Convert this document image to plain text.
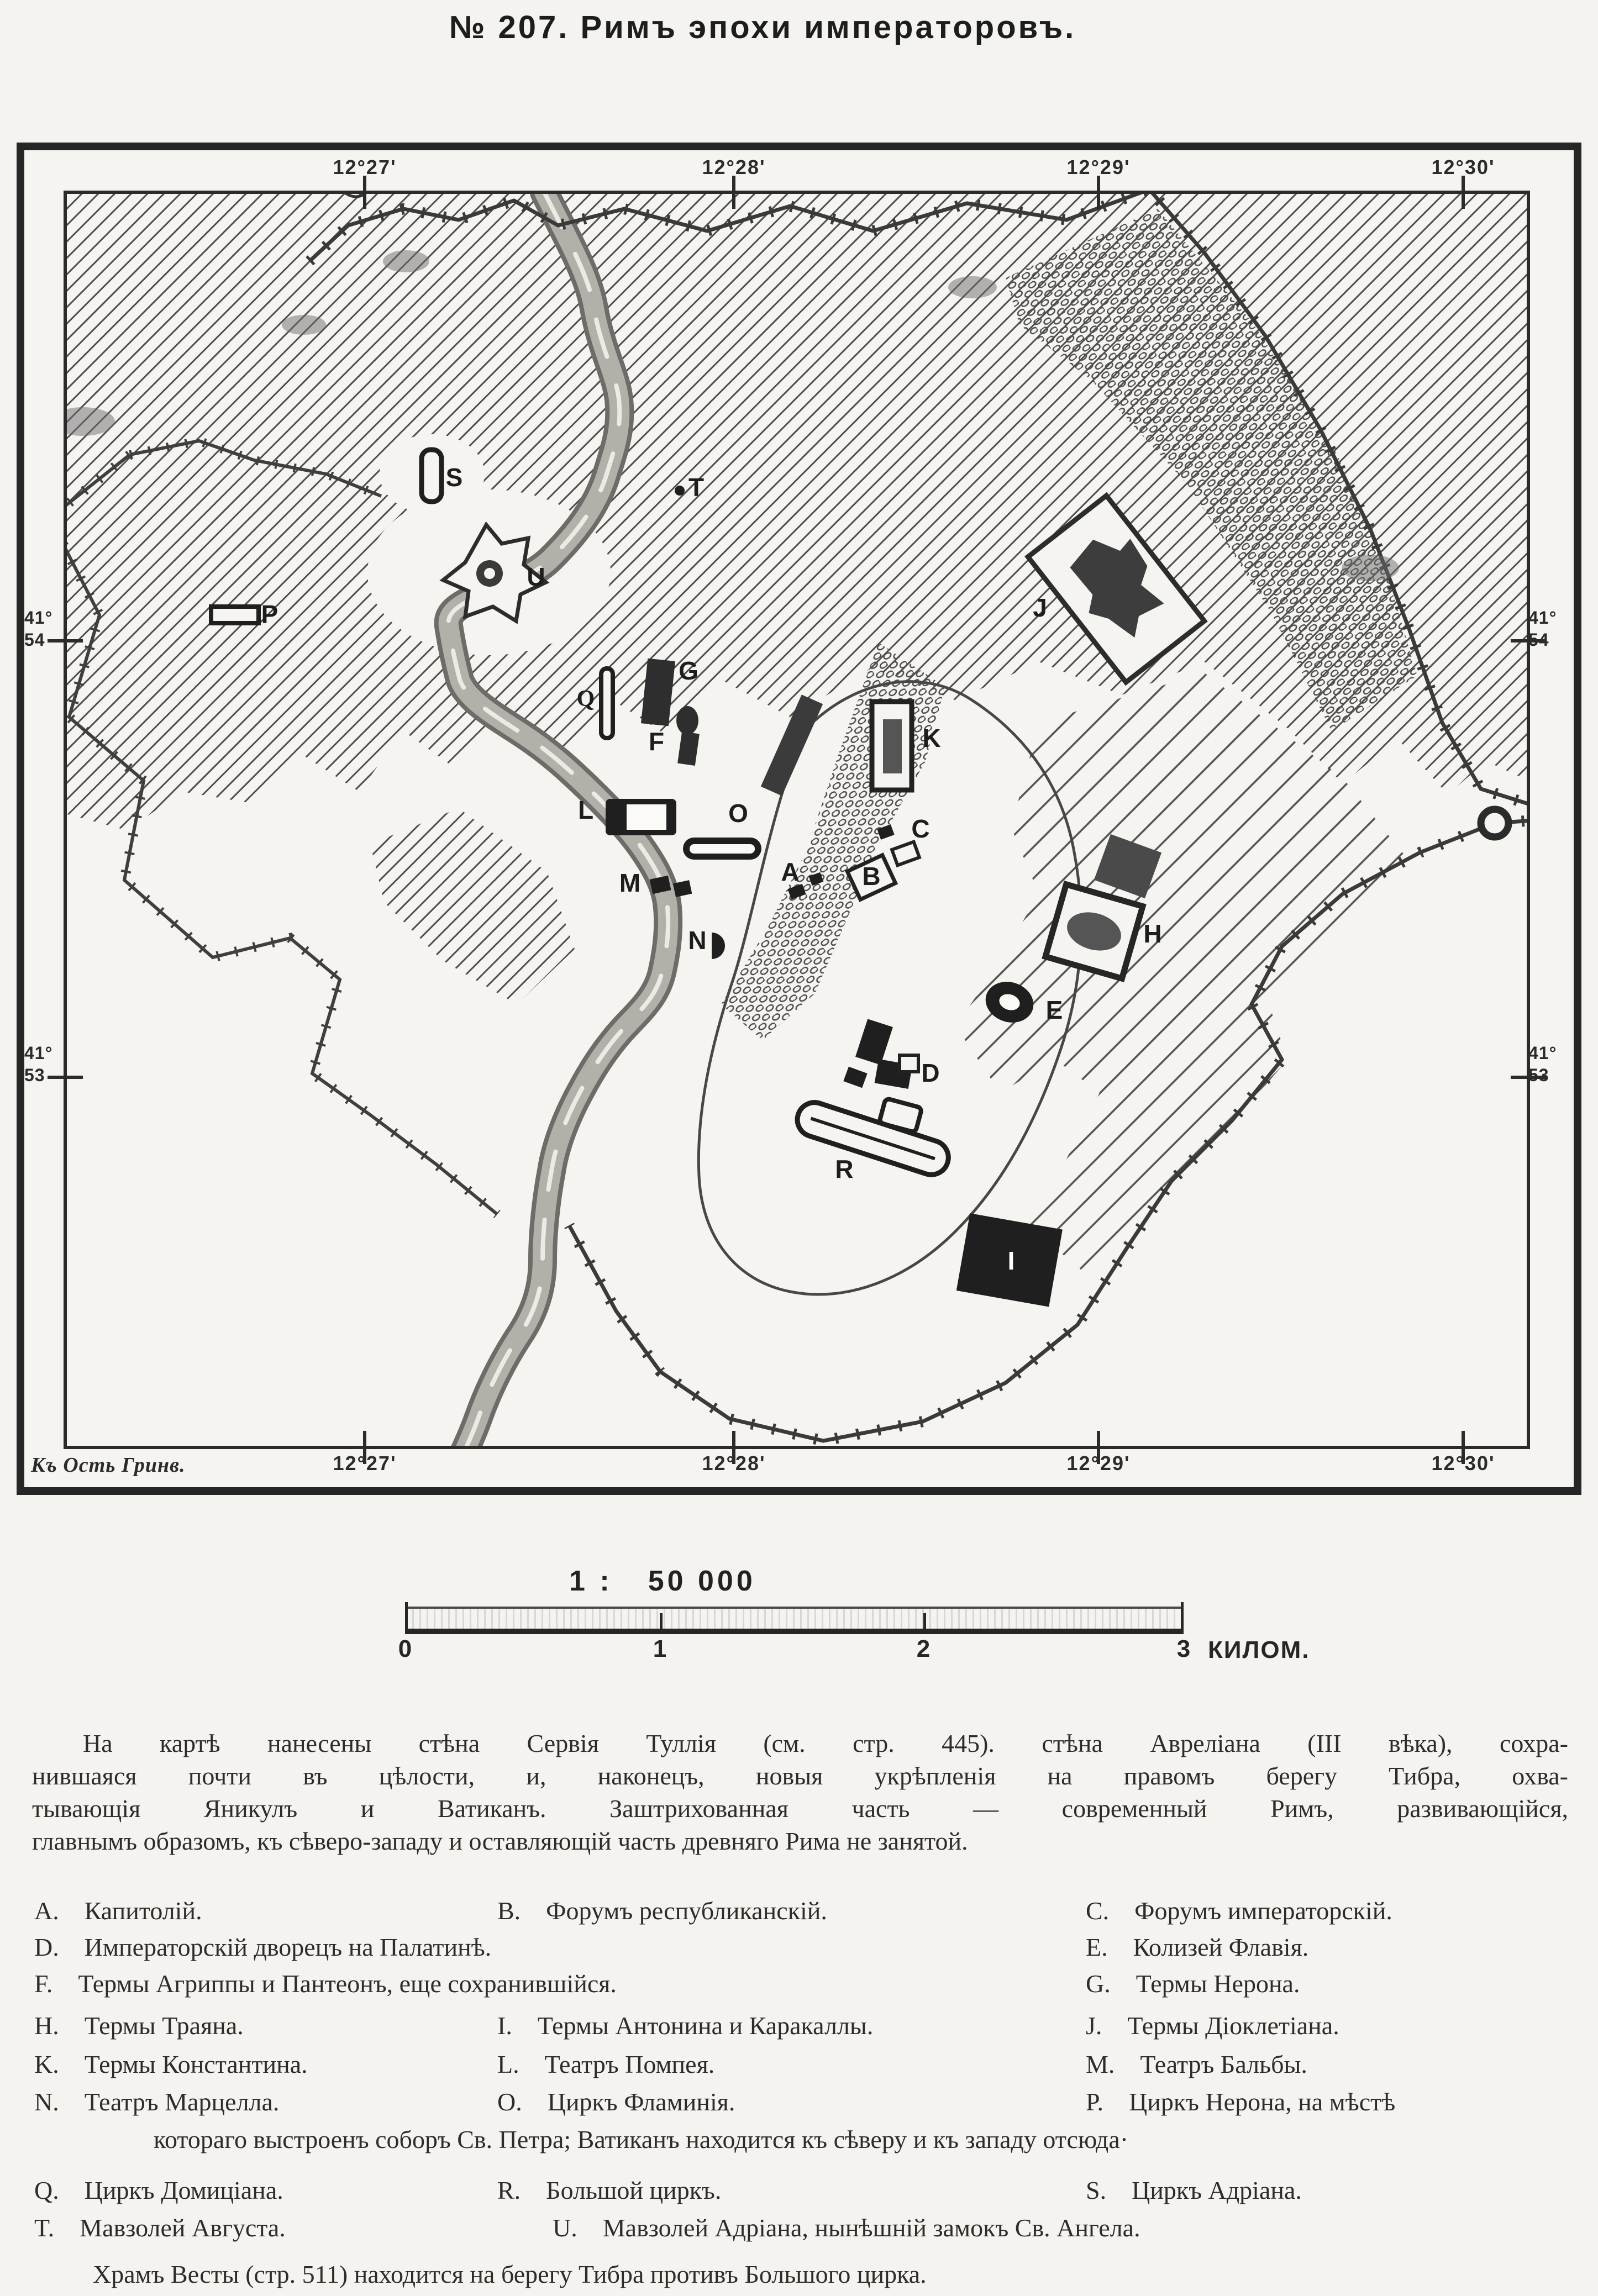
№ 207. Римъ эпохи императоровъ.
S	T
U
P
Q
G
F	K
L	O
M
N
A B
C
D
E
H
J
R
I
12°27'
12°27'
12°28'
12°28'
12°29'
12°29'
12°30'
12°30'
41°
54
41°
54
41°
53
41°
53
Къ Ость Гринв.
1 : 50 000
0	1	2	3 КИЛОМ.
На картѣ нанесены стѣна Сервія Туллія (см. стр. 445). стѣна Авреліана (III вѣка), сохра-
нившаяся почти въ цѣлости, и, наконецъ, новыя укрѣпленія на правомъ берегу Тибра, охва-
тывающія Яникулъ и Ватиканъ. Заштрихованная часть — современный Римъ, развивающійся,
главнымъ образомъ, къ сѣверо-западу и оставляющій часть древняго Рима не занятой.
A.  Капитолій.	B.  Форумъ республиканскій.	C.  Форумъ императорскій.
D.  Императорскій дворецъ на Палатинѣ.	E.  Колизей Флавія.
F.  Термы Агриппы и Пантеонъ, еще сохранившійся.	G.  Термы Нерона.
H.  Термы Траяна.	I.  Термы Антонина и Каракаллы.	J.  Термы Діоклетіана.
K.  Термы Константина.	L.  Театръ Помпея.	M.  Театръ Бальбы.
N.  Театръ Марцелла.	O.  Циркъ Фламинія.	P.  Циркъ Нерона, на мѣстѣ
котораго выстроенъ соборъ Св. Петра; Ватиканъ находится къ сѣверу и къ западу отсюда·
Q.  Циркъ Домиціана.	R.  Большой циркъ.	S.  Циркъ Адріана.
T.  Мавзолей Августа.	U.  Мавзолей Адріана, нынѣшній замокъ Св. Ангела.
Храмъ Весты (стр. 511) находится на берегу Тибра противъ Большого цирка.
